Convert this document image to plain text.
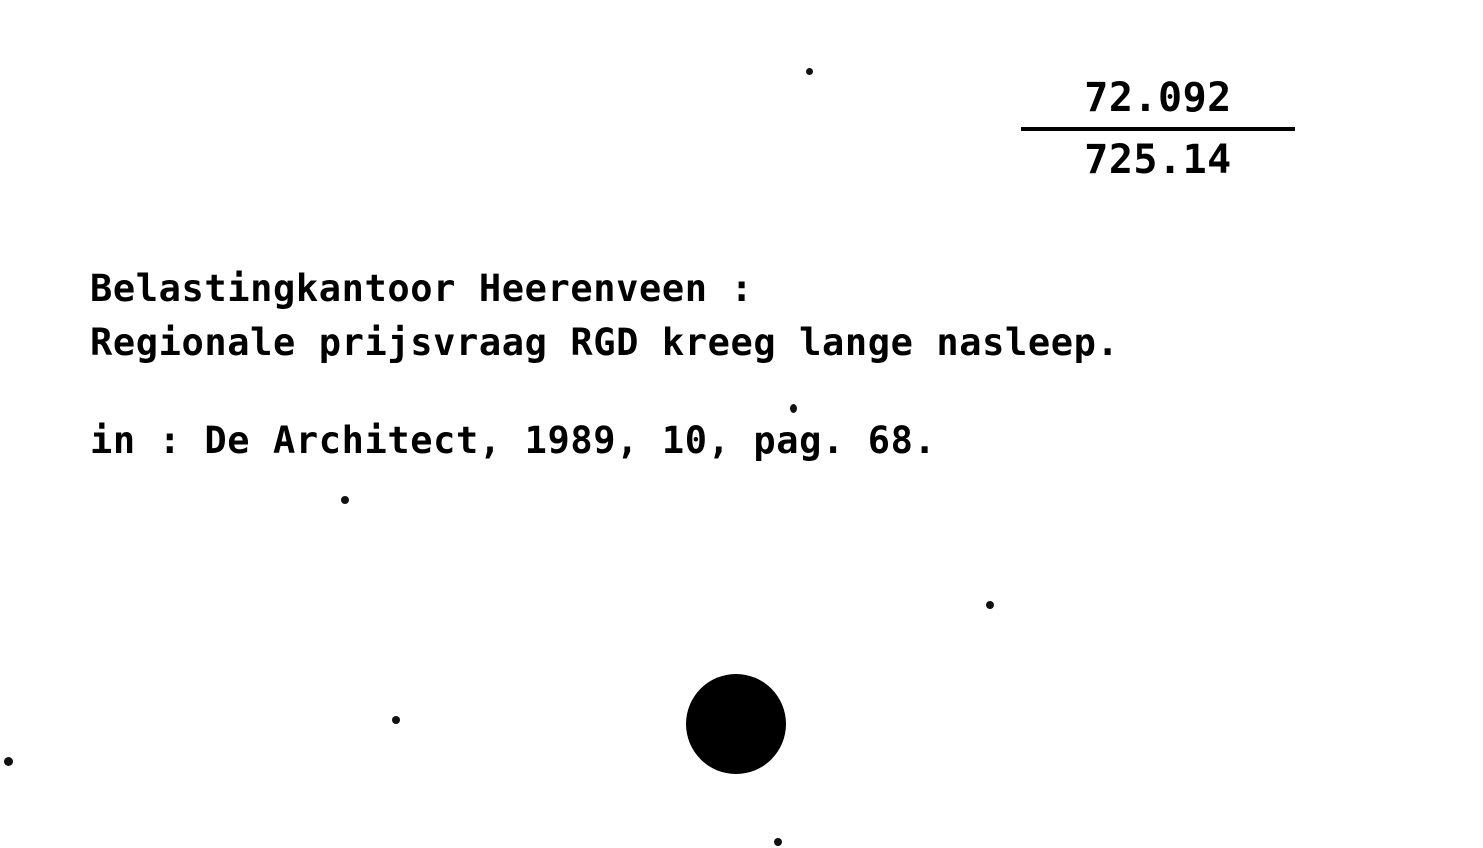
72.092
725.14
Belastingkantoor Heerenveen :
Regionale prijsvraag RGD kreeg lange nasleep.
in : De Architect, 1989, 10, pag. 68.
